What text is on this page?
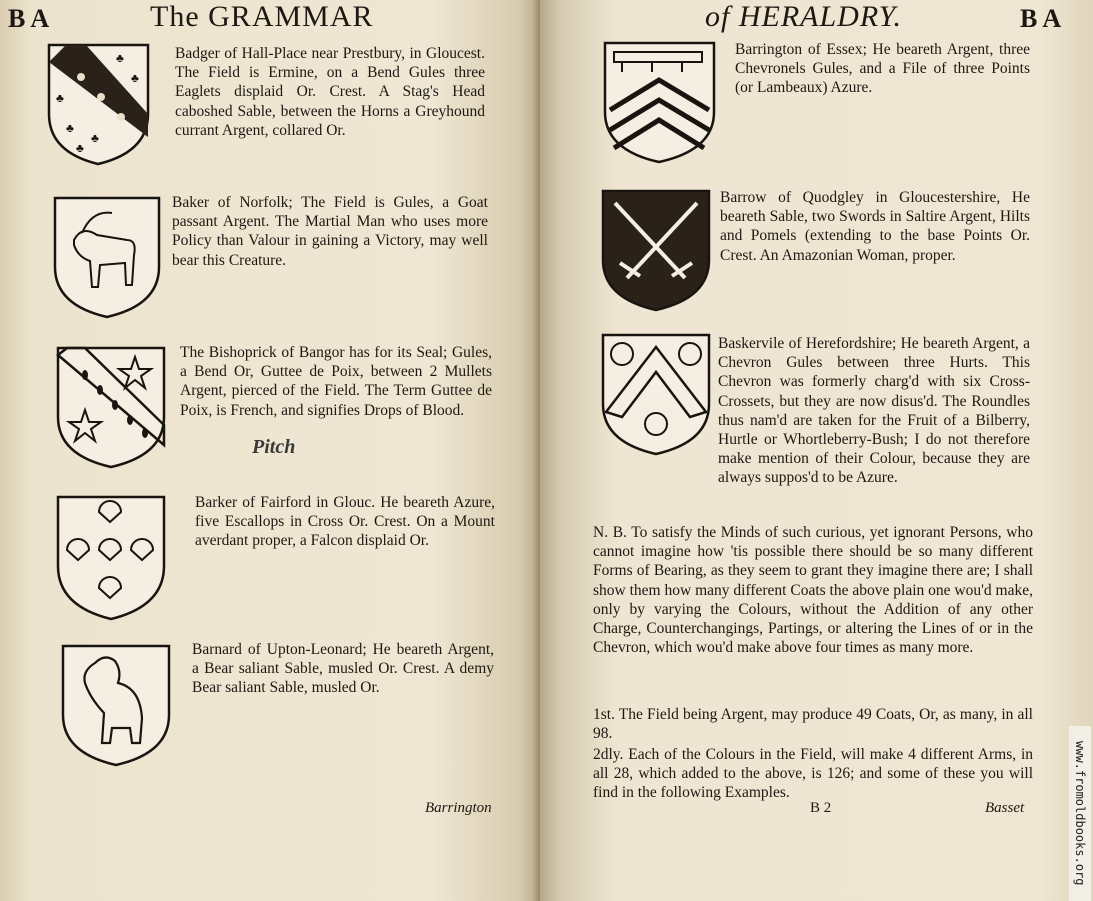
B A	The GRAMMAR
♣
♣
♣
♣
♣
♣
Badger of Hall-Place near Prestbury, in Gloucest. The Field is Ermine, on a Bend Gules three Eaglets displaid Or. Crest. A Stag's Head caboshed Sable, between the Horns a Greyhound currant Argent, collared Or.
Baker of Norfolk; The Field is Gules, a Goat passant Argent. The Martial Man who uses more Policy than Valour in gaining a Victory, may well bear this Creature.
The Bishoprick of Bangor has for its Seal; Gules, a Bend Or, Guttee de Poix, between 2 Mullets Argent, pierced of the Field. The Term Guttee de Poix, is French, and signifies Drops of Blood.
Pitch
Barker of Fairford in Glouc. He beareth Azure, five Escallops in Cross Or. Crest. On a Mount averdant proper, a Falcon displaid Or.
Barnard of Upton-Leonard; He beareth Argent, a Bear saliant Sable, musled Or. Crest. A demy Bear saliant Sable, musled Or.
Barrington
of HERALDRY.	B A
Barrington of Essex; He beareth Argent, three Chevronels Gules, and a File of three Points (or Lambeaux) Azure.
Barrow of Quodgley in Gloucestershire, He beareth Sable, two Swords in Saltire Argent, Hilts and Pomels (extending to the base Points Or. Crest. An Amazonian Woman, proper.
Baskervile of Herefordshire; He beareth Argent, a Chevron Gules between three Hurts. This Chevron was formerly charg'd with six Cross-Crossets, but they are now disus'd. The Roundles thus nam'd are taken for the Fruit of a Bilberry, Hurtle or Whortleberry-Bush; I do not therefore make mention of their Colour, because they are always suppos'd to be Azure.
N. B. To satisfy the Minds of such curious, yet ignorant Persons, who cannot imagine how 'tis possible there should be so many different Forms of Bearing, as they seem to grant they imagine there are; I shall show them how many different Coats the above plain one wou'd make, only by varying the Colours, without the Addition of any other Charge, Counterchangings, Partings, or altering the Lines of or in the Chevron, which wou'd make above four times as many more.
1st. The Field being Argent, may produce 49 Coats, Or, as many, in all 98.
2dly. Each of the Colours in the Field, will make 4 different Arms, in all 28, which added to the above, is 126; and some of these you will find in the following Examples.
B 2	Basset	www.fromoldbooks.org
